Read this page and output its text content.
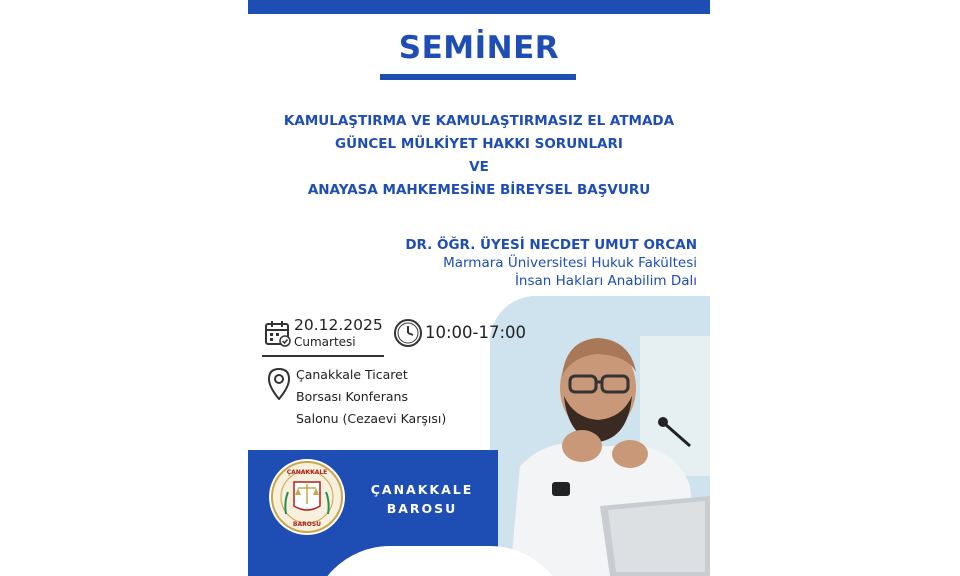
SEMİNER
KAMULAŞTIRMA VE KAMULAŞTIRMASIZ EL ATMADA
GÜNCEL MÜLKİYET HAKKI SORUNLARI
VE
ANAYASA MAHKEMESİNE BİREYSEL BAŞVURU
DR. ÖĞR. ÜYESİ NECDET UMUT ORCAN
Marmara Üniversitesi Hukuk Fakültesi
İnsan Hakları Anabilim Dalı
20.12.2025
Cumartesi	10:00-17:00
Çanakkale Ticaret
Borsası Konferans
Salonu (Cezaevi Karşısı)
ÇANAKKALE
BAROSU
ÇANAKKALE
BAROSU
